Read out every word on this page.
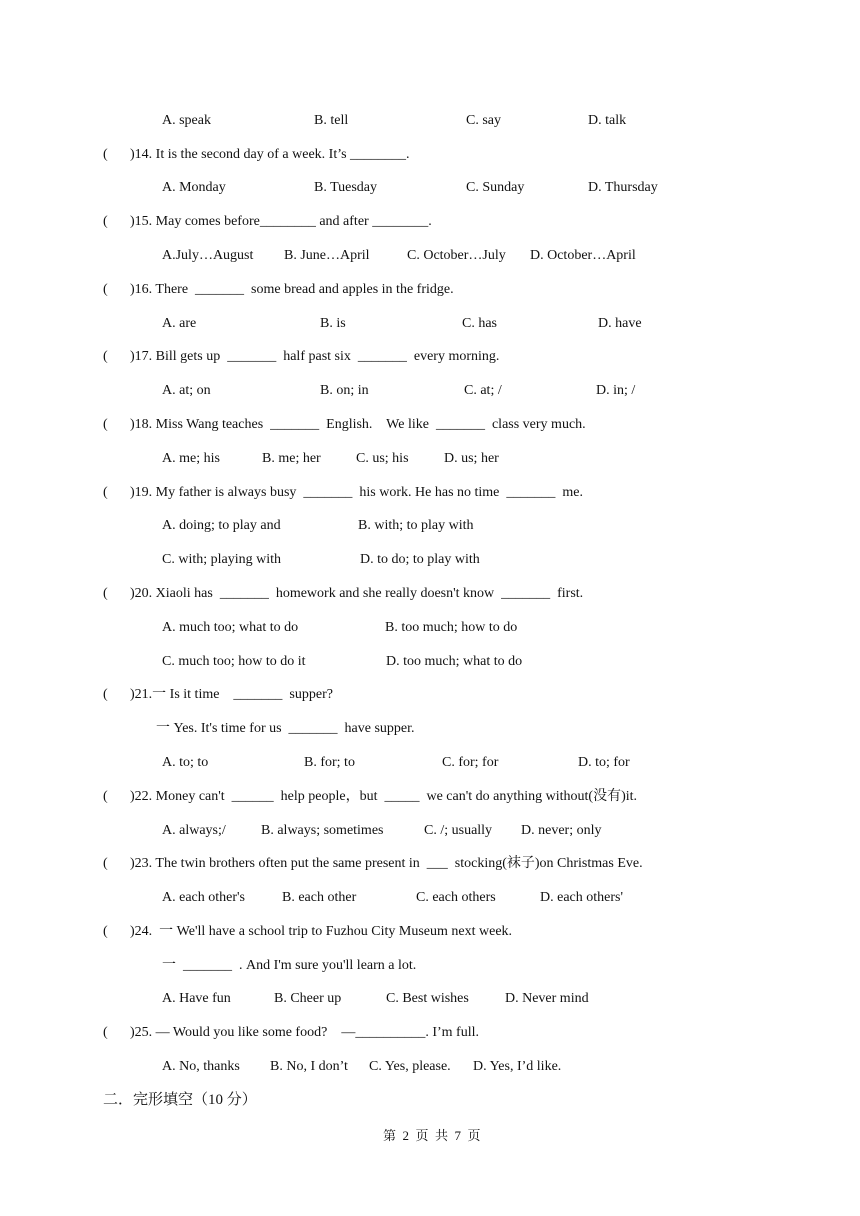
A. speak	B. tell	C. say	D. talk
( )14. It is the second day of a week. It’s ________.
A. Monday	B. Tuesday	C. Sunday	D. Thursday
( )15. May comes before________ and after ________.
A.July…August B. June…April	C. October…July D. October…April
( )16. There  _______  some bread and apples in the fridge.
A. are	B. is	C. has	D. have
( )17. Bill gets up  _______  half past six  _______  every morning.
A. at; on	B. on; in	C. at; /	D. in; /
( )18. Miss Wang teaches  _______  English.    We like  _______  class very much.
A. me; his	B. me; her	C. us; his	D. us; her
( )19. My father is always busy  _______  his work. He has no time  _______  me.
A. doing; to play and	B. with; to play with
C. with; playing with	D. to do; to play with
( )20. Xiaoli has  _______  homework and she really doesn't know  _______  first.
A. much too; what to do	B. too much; how to do
C. much too; how to do it	D. too much; what to do
( )21.一 Is it time    _______  supper?
一 Yes. It's time for us  _______  have supper.
A. to; to	B. for; to	C. for; for	D. to; for
( )22. Money can't  ______  help people，but  _____  we can't do anything without(没有)it.
A. always;/	B. always; sometimes	C. /; usually D. never; only
( )23. The twin brothers often put the same present in  ___  stocking(袜子)on Christmas Eve.
A. each other's	B. each other	C. each others	D. each others'
( )24.  一 We'll have a school trip to Fuzhou City Museum next week.
一  _______  . And I'm sure you'll learn a lot.
A. Have fun	B. Cheer up	C. Best wishes	D. Never mind
( )25. — Would you like some food?    —__________. I’m full.
A. No, thanks B. No, I don’t C. Yes, please. D. Yes, I’d like.
二．完形填空（10 分）
第  2  页  共  7  页
